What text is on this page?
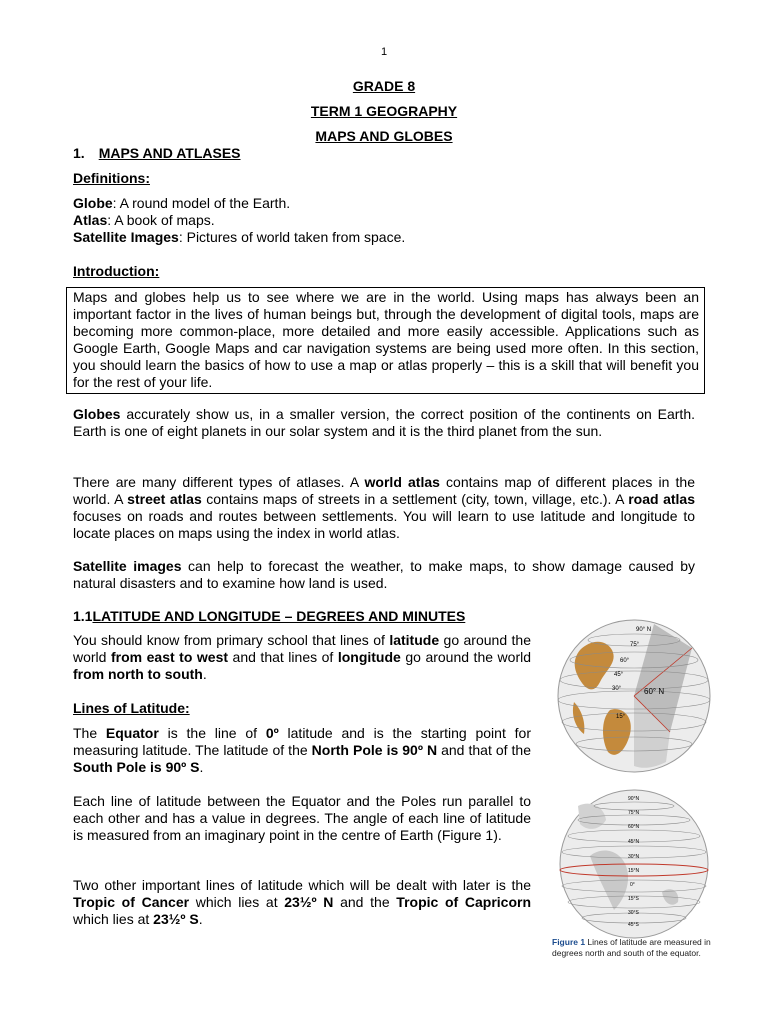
1
GRADE 8
TERM 1 GEOGRAPHY
MAPS AND GLOBES
1. MAPS AND ATLASES
Definitions:
Globe: A round model of the Earth.
Atlas: A book of maps.
Satellite Images: Pictures of world taken from space.
Introduction:
Maps and globes help us to see where we are in the world. Using maps has always been an important factor in the lives of human beings but, through the development of digital tools, maps are becoming more common-place, more detailed and more easily accessible. Applications such as Google Earth, Google Maps and car navigation systems are being used more often. In this section, you should learn the basics of how to use a map or atlas properly – this is a skill that will benefit you for the rest of your life.
Globes accurately show us, in a smaller version, the correct position of the continents on Earth. Earth is one of eight planets in our solar system and it is the third planet from the sun.
There are many different types of atlases. A world atlas contains map of different places in the world. A street atlas contains maps of streets in a settlement (city, town, village, etc.). A road atlas focuses on roads and routes between settlements. You will learn to use latitude and longitude to locate places on maps using the index in world atlas.
Satellite images can help to forecast the weather, to make maps, to show damage caused by natural disasters and to examine how land is used.
1.1LATITUDE AND LONGITUDE – DEGREES AND MINUTES
You should know from primary school that lines of latitude go around the world from east to west and that lines of longitude go around the world from north to south.
Lines of Latitude:
The Equator is the line of 0º latitude and is the starting point for measuring latitude. The latitude of the North Pole is 90º N and that of the South Pole is 90º S.
Each line of latitude between the Equator and the Poles run parallel to each other and has a value in degrees. The angle of each line of latitude is measured from an imaginary point in the centre of Earth (Figure 1).
Two other important lines of latitude which will be dealt with later is the Tropic of Cancer which lies at 23½º N and the Tropic of Capricorn which lies at 23½º S.
90° N
75°
60°
45°
30°
15°
60° N
90°N
75°N
60°N
45°N
30°N
15°N
0°
15°S
30°S
45°S
Figure 1 Lines of latitude are measured in degrees north and south of the equator.
